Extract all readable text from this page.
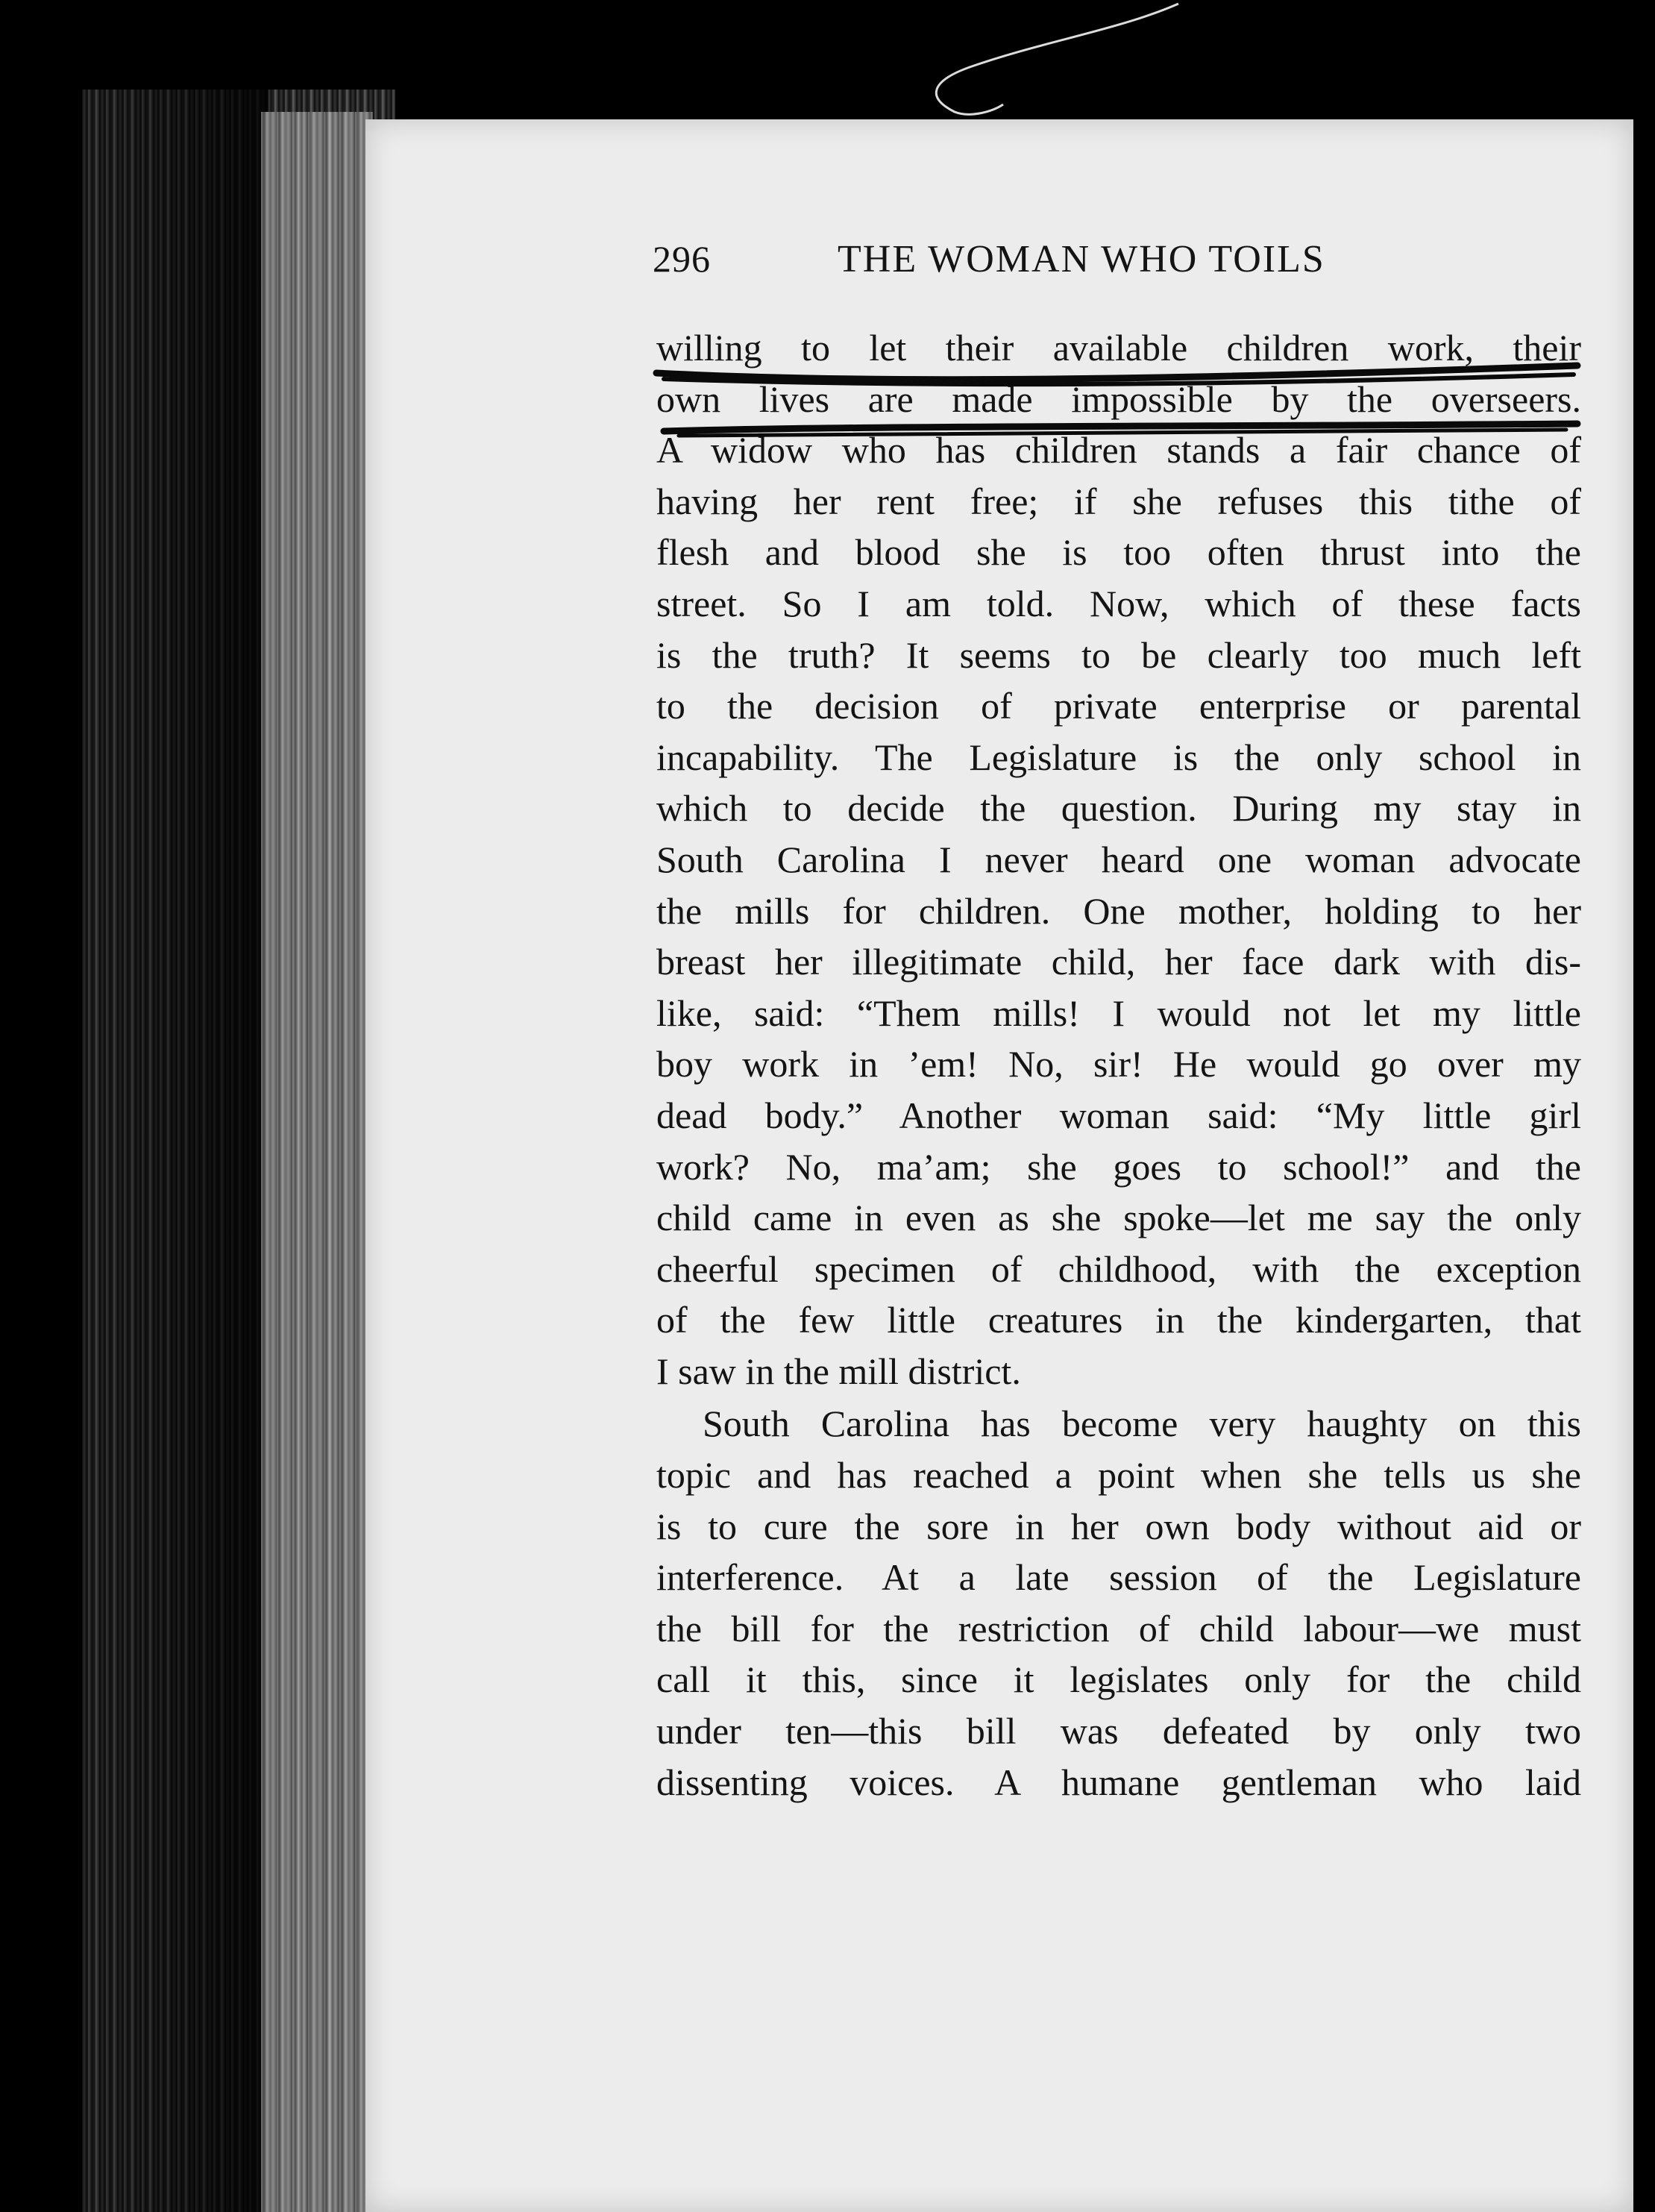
296	THE WOMAN WHO TOILS
willing to let their available children work, their
own lives are made impossible by the overseers.
A widow who has children stands a fair chance of
having her rent free; if she refuses this tithe of
flesh and blood she is too often thrust into the
street. So I am told. Now, which of these facts
is the truth? It seems to be clearly too much left
to the decision of private enterprise or parental
incapability. The Legislature is the only school in
which to decide the question. During my stay in
South Carolina I never heard one woman advocate
the mills for children. One mother, holding to her
breast her illegitimate child, her face dark with dis-
like, said: “Them mills! I would not let my little
boy work in ’em! No, sir! He would go over my
dead body.” Another woman said: “My little girl
work? No, ma’am; she goes to school!” and the
child came in even as she spoke—let me say the only
cheerful specimen of childhood, with the exception
of the few little creatures in the kindergarten, that
I saw in the mill district.
South Carolina has become very haughty on this
topic and has reached a point when she tells us she
is to cure the sore in her own body without aid or
interference. At a late session of the Legislature
the bill for the restriction of child labour—we must
call it this, since it legislates only for the child
under ten—this bill was defeated by only two
dissenting voices. A humane gentleman who laid
